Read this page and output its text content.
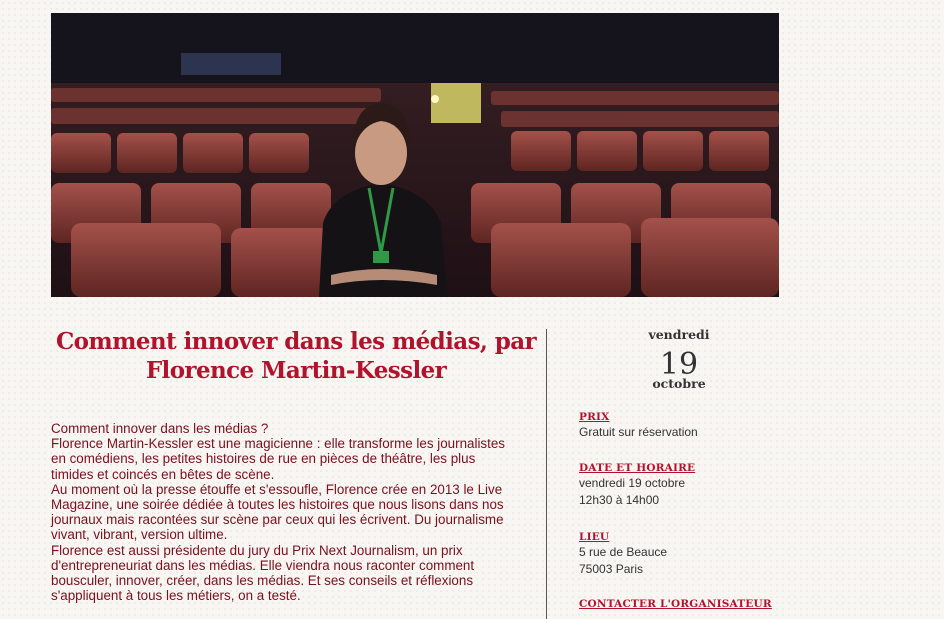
Comment innover dans les médias, par Florence Martin-Kessler

Comment innover dans les médias ?

Florence Martin-Kessler est une magicienne : elle transforme les journalistes en comédiens, les petites histoires de rue en pièces de théâtre, les plus timides et coincés en bêtes de scène.

Au moment où la presse étouffe et s'essoufle, Florence crée en 2013 le Live Magazine, une soirée dédiée à toutes les histoires que nous lisons dans nos journaux mais racontées sur scène par ceux qui les écrivent. Du journalisme vivant, vibrant, version ultime.

Florence est aussi présidente du jury du Prix Next Journalism, un prix d'entrepreneuriat dans les médias. Elle viendra nous raconter comment bousculer, innover, créer, dans les médias. Et ses conseils et réflexions s'appliquent à tous les métiers, on a testé.

vendredi
19
octobre
PRIX
Gratuit sur réservation
DATE ET HORAIRE
vendredi 19 octobre
12h30 à 14h00
LIEU
5 rue de Beauce
75003 Paris
CONTACTER L'ORGANISATEUR
